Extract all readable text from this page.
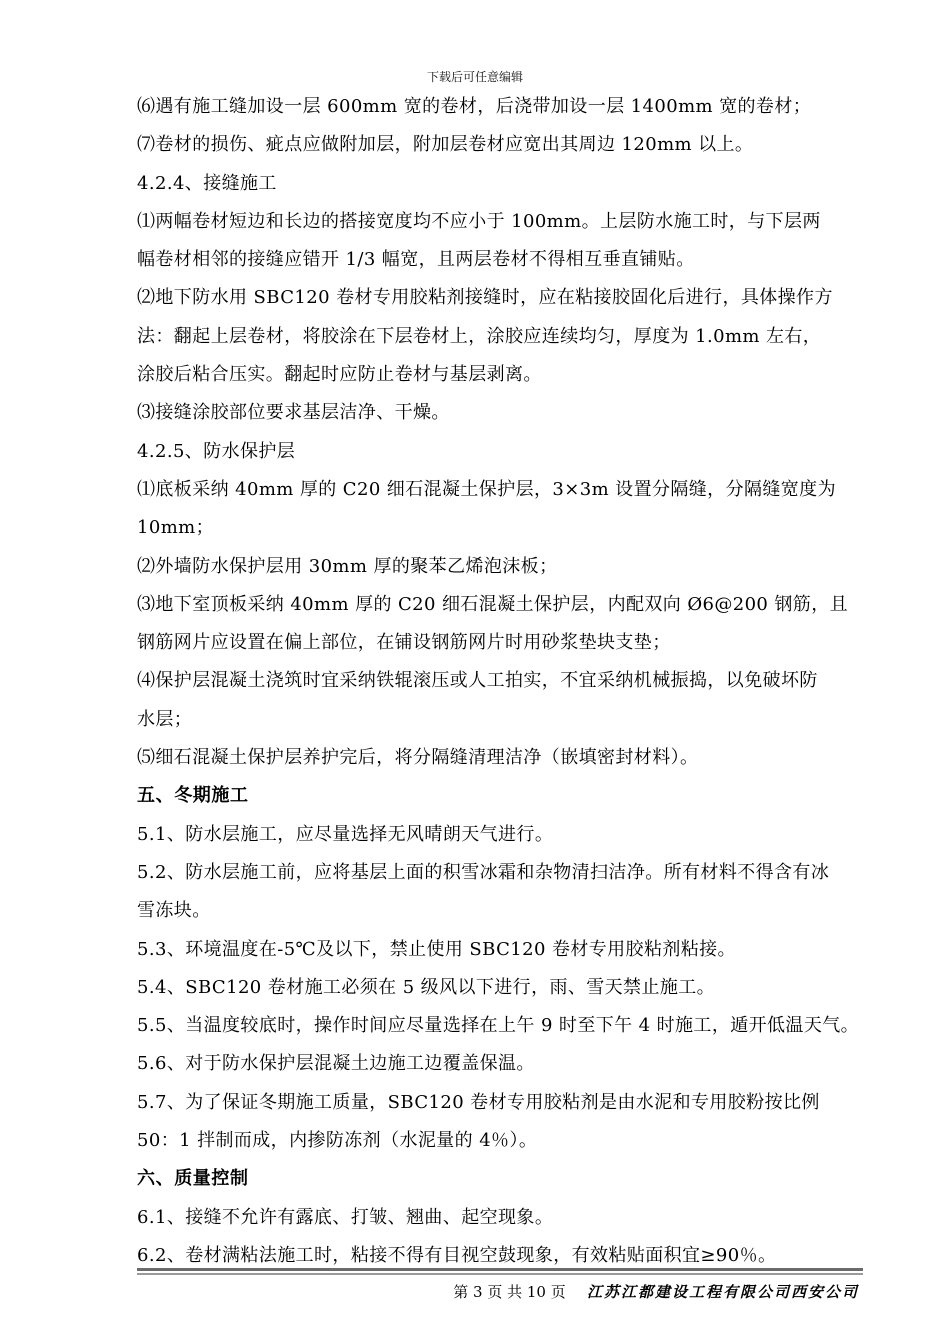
下载后可任意编辑
⑹遇有施工缝加设一层 600mm 宽的卷材，后浇带加设一层 1400mm 宽的卷材；
⑺卷材的损伤、疵点应做附加层，附加层卷材应宽出其周边 120mm 以上。
4.2.4、接缝施工
⑴两幅卷材短边和长边的搭接宽度均不应小于 100mm。上层防水施工时，与下层两
幅卷材相邻的接缝应错开 1/3 幅宽，且两层卷材不得相互垂直铺贴。
⑵地下防水用 SBC120 卷材专用胶粘剂接缝时，应在粘接胶固化后进行，具体操作方
法：翻起上层卷材，将胶涂在下层卷材上，涂胶应连续均匀，厚度为 1.0mm 左右，
涂胶后粘合压实。翻起时应防止卷材与基层剥离。
⑶接缝涂胶部位要求基层洁净、干燥。
4.2.5、防水保护层
⑴底板采纳 40mm 厚的 C20 细石混凝土保护层，3×3m 设置分隔缝，分隔缝宽度为
10mm；
⑵外墙防水保护层用 30mm 厚的聚苯乙烯泡沫板；
⑶地下室顶板采纳 40mm 厚的 C20 细石混凝土保护层，内配双向 Ø6@200 钢筋，且
钢筋网片应设置在偏上部位，在铺设钢筋网片时用砂浆垫块支垫；
⑷保护层混凝土浇筑时宜采纳铁辊滚压或人工拍实，不宜采纳机械振捣，以免破坏防
水层；
⑸细石混凝土保护层养护完后，将分隔缝清理洁净（嵌填密封材料）。
五、冬期施工
5.1、防水层施工，应尽量选择无风晴朗天气进行。
5.2、防水层施工前，应将基层上面的积雪冰霜和杂物清扫洁净。所有材料不得含有冰
雪冻块。
5.3、环境温度在-5℃及以下，禁止使用 SBC120 卷材专用胶粘剂粘接。
5.4、SBC120 卷材施工必须在 5 级风以下进行，雨、雪天禁止施工。
5.5、当温度较底时，操作时间应尽量选择在上午 9 时至下午 4 时施工，遁开低温天气。
5.6、对于防水保护层混凝土边施工边覆盖保温。
5.7、为了保证冬期施工质量，SBC120 卷材专用胶粘剂是由水泥和专用胶粉按比例
50：1 拌制而成，内掺防冻剂（水泥量的 4％）。
六、质量控制
6.1、接缝不允许有露底、打皱、翘曲、起空现象。
6.2、卷材满粘法施工时，粘接不得有目视空鼓现象，有效粘贴面积宜≥90％。
第 3 页 共 10 页 江苏江都建设工程有限公司西安公司
